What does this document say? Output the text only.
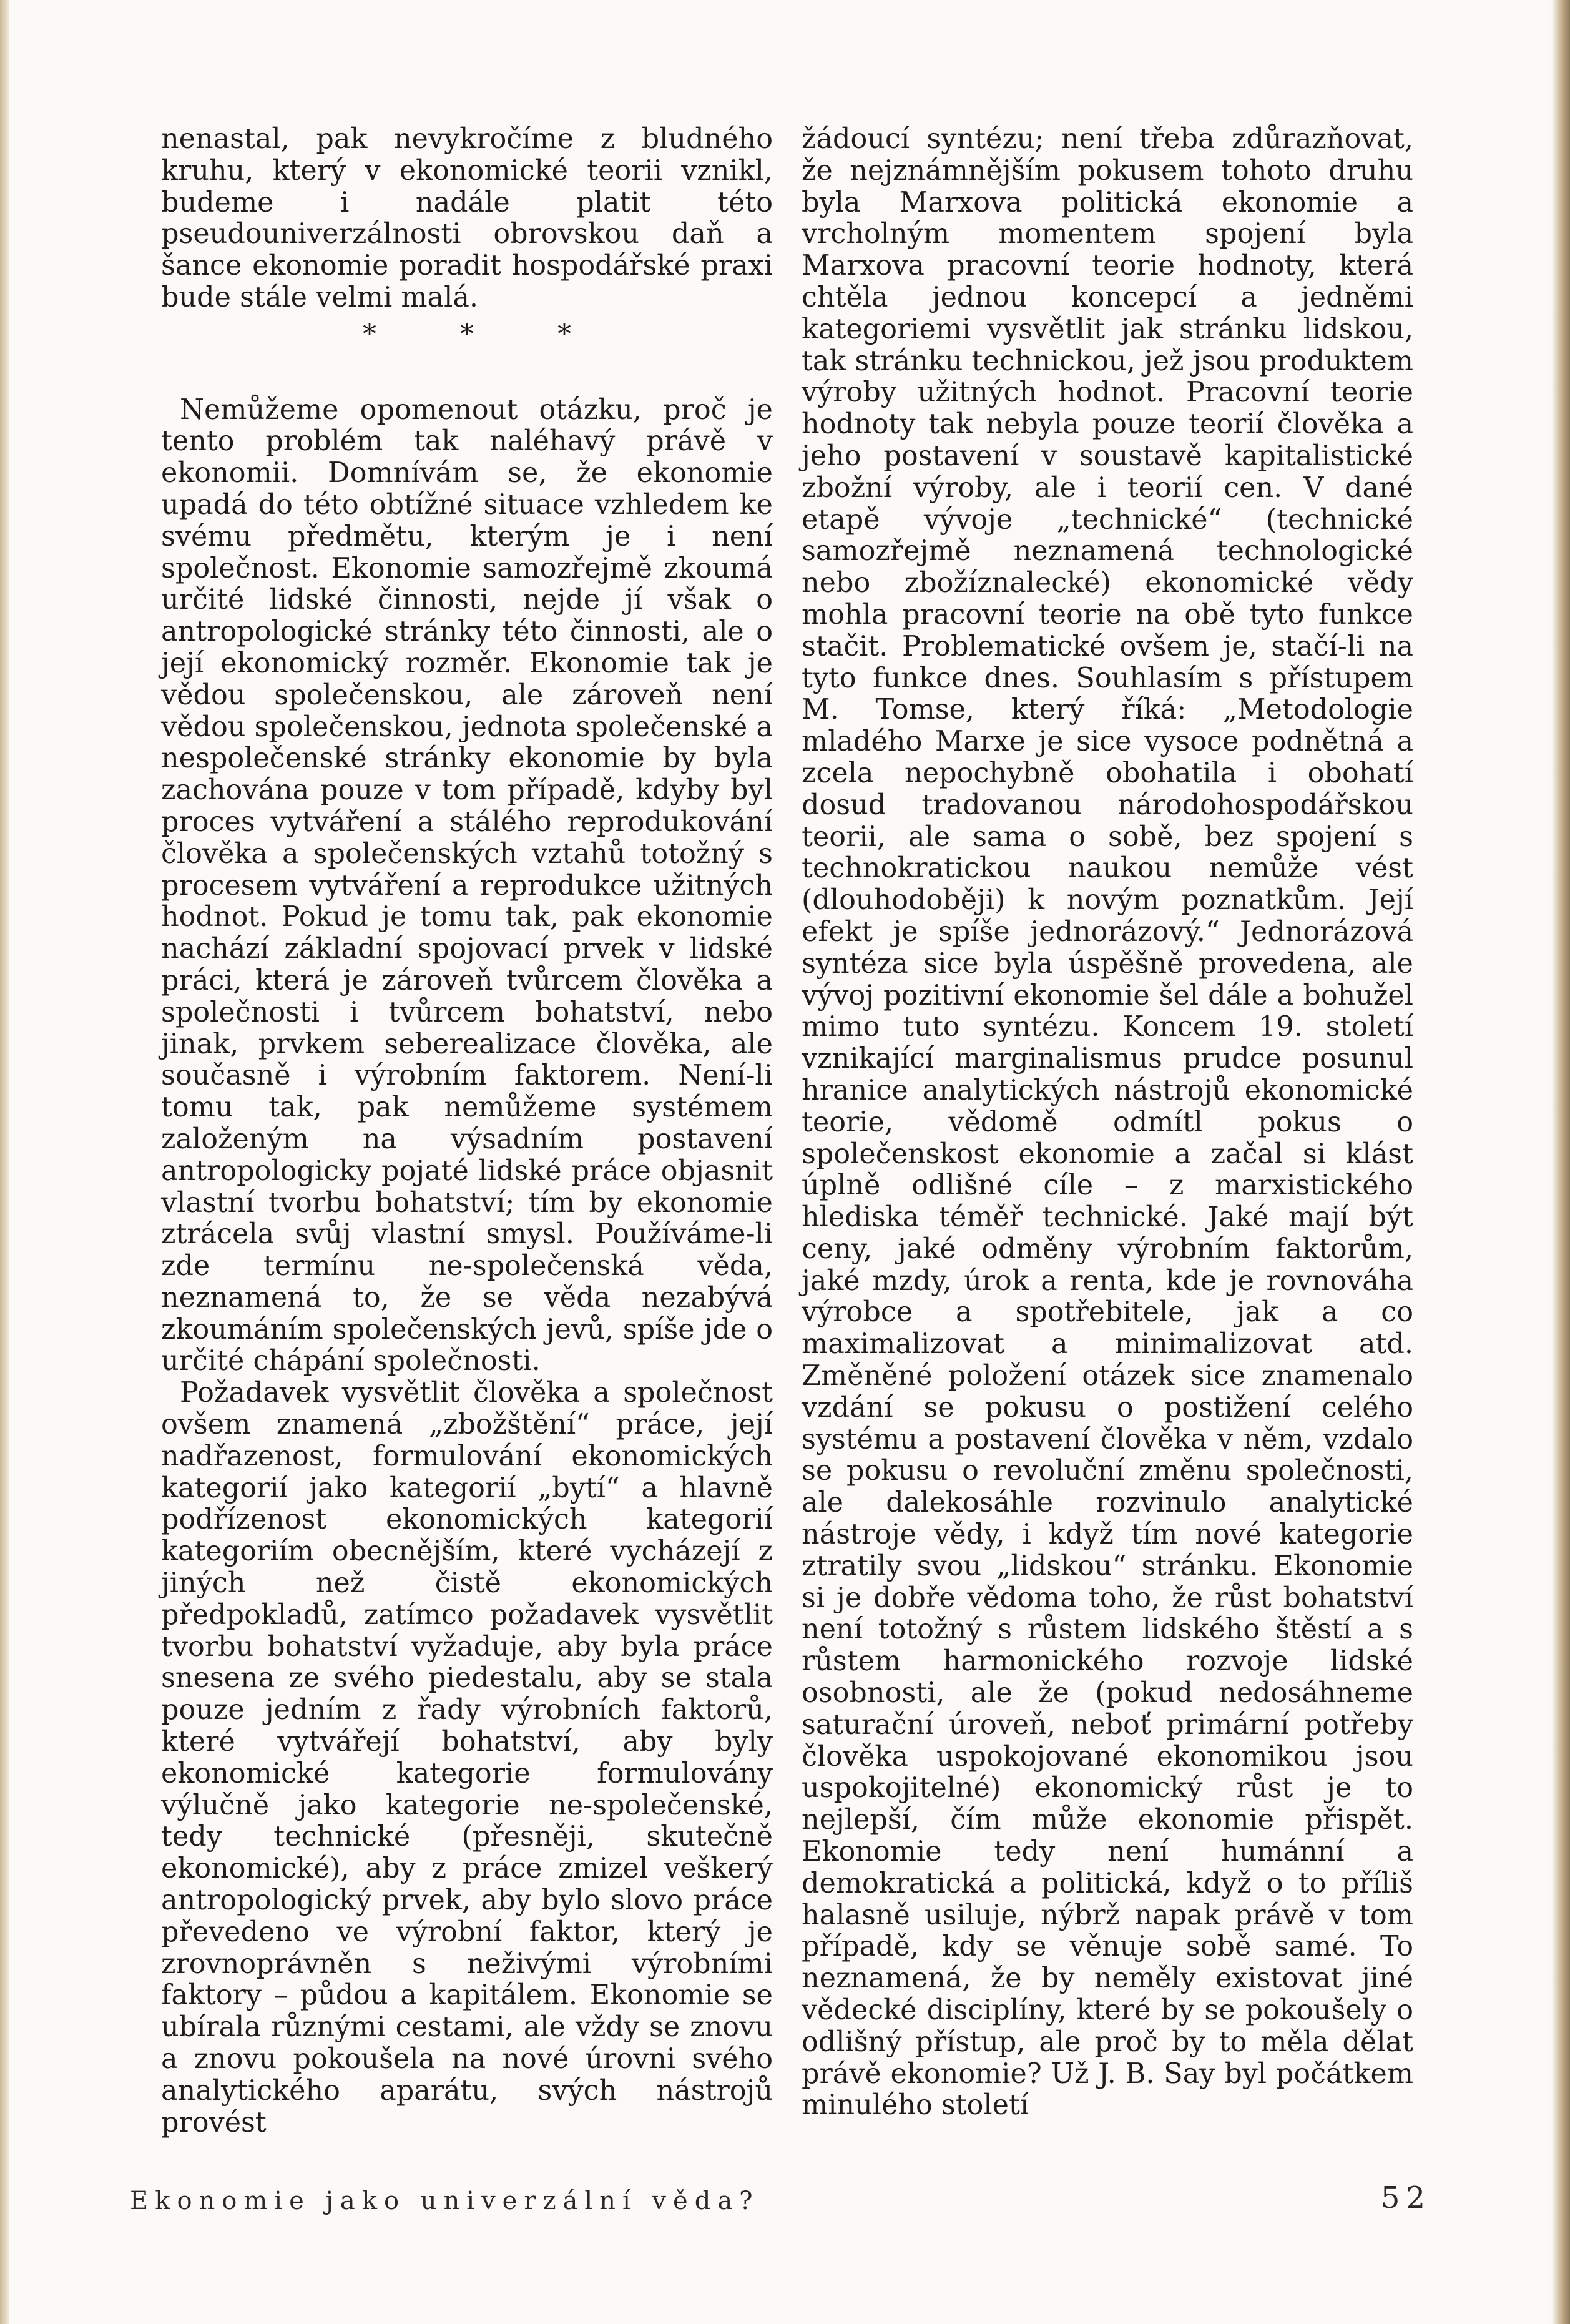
nenastal, pak nevykročíme z bludného kruhu, který v ekonomické teorii vznikl, budeme i nadále platit této pseudouniverzálnosti obrovskou daň a šance ekonomie poradit hospodářské praxi bude stále velmi malá.

* * *

Nemůžeme opomenout otázku, proč je tento problém tak naléhavý právě v ekonomii. Domnívám se, že ekonomie upadá do této obtížné situace vzhledem ke svému předmětu, kterým je i není společnost. Ekonomie samozřejmě zkoumá určité lidské činnosti, nejde jí však o antropologické stránky této činnosti, ale o její ekonomický rozměr. Ekonomie tak je vědou společenskou, ale zároveň není vědou společenskou, jednota společenské a nespolečenské stránky ekonomie by byla zachována pouze v tom případě, kdyby byl proces vytváření a stálého reprodukování člověka a společenských vztahů totožný s procesem vytváření a reprodukce užitných hodnot. Pokud je tomu tak, pak ekonomie nachází základní spojovací prvek v lidské práci, která je zároveň tvůrcem člověka a společnosti i tvůrcem bohatství, nebo jinak, prvkem seberealizace člověka, ale současně i výrobním faktorem. Není-li tomu tak, pak nemůžeme systémem založeným na výsadním postavení antropologicky pojaté lidské práce objasnit vlastní tvorbu bohatství; tím by ekonomie ztrácela svůj vlastní smysl. Používáme-li zde termínu ne-společenská věda, neznamená to, že se věda nezabývá zkoumáním společenských jevů, spíše jde o určité chápání společnosti.

Požadavek vysvětlit člověka a společnost ovšem znamená „zbožštění“ práce, její nadřazenost, formulování ekonomických kategorií jako kategorií „bytí“ a hlavně podřízenost ekonomických kategorií kategoriím obecnějším, které vycházejí z jiných než čistě ekonomických předpokladů, zatímco požadavek vysvětlit tvorbu bohatství vyžaduje, aby byla práce snesena ze svého piedestalu, aby se stala pouze jedním z řady výrobních faktorů, které vytvářejí bohatství, aby byly ekonomické kategorie formulovány výlučně jako kategorie ne-společenské, tedy technické (přesněji, skutečně ekonomické), aby z práce zmizel veškerý antropologický prvek, aby bylo slovo práce převedeno ve výrobní faktor, který je zrovnoprávněn s neživými výrobními faktory – půdou a kapitálem. Ekonomie se ubírala různými cestami, ale vždy se znovu a znovu pokoušela na nové úrovni svého analytického aparátu, svých nástrojů provést

žádoucí syntézu; není třeba zdůrazňovat, že nejznámnějším pokusem tohoto druhu byla Marxova politická ekonomie a vrcholným momentem spojení byla Marxova pracovní teorie hodnoty, která chtěla jednou koncepcí a jedněmi kategoriemi vysvětlit jak stránku lidskou, tak stránku technickou, jež jsou produktem výroby užitných hodnot. Pracovní teorie hodnoty tak nebyla pouze teorií člověka a jeho postavení v soustavě kapitalistické zbožní výroby, ale i teorií cen. V dané etapě vývoje „technické“ (technické samozřejmě neznamená technologické nebo zbožíznalecké) ekonomické vědy mohla pracovní teorie na obě tyto funkce stačit. Problematické ovšem je, stačí-li na tyto funkce dnes. Souhlasím s přístupem M. Tomse, který říká: „Metodologie mladého Marxe je sice vysoce podnětná a zcela nepochybně obohatila i obohatí dosud tradovanou národohospodářskou teorii, ale sama o sobě, bez spojení s technokratickou naukou nemůže vést (dlouhodoběji) k novým poznatkům. Její efekt je spíše jednorázový.“ Jednorázová syntéza sice byla úspěšně provedena, ale vývoj pozitivní ekonomie šel dále a bohužel mimo tuto syntézu. Koncem 19. století vznikající marginalismus prudce posunul hranice analytických nástrojů ekonomické teorie, vědomě odmítl pokus o společenskost ekonomie a začal si klást úplně odlišné cíle – z marxistického hlediska téměř technické. Jaké mají být ceny, jaké odměny výrobním faktorům, jaké mzdy, úrok a renta, kde je rovnováha výrobce a spotřebitele, jak a co maximalizovat a minimalizovat atd. Změněné položení otázek sice znamenalo vzdání se pokusu o postižení celého systému a postavení člověka v něm, vzdalo se pokusu o revoluční změnu společnosti, ale dalekosáhle rozvinulo analytické nástroje vědy, i když tím nové kategorie ztratily svou „lidskou“ stránku. Ekonomie si je dobře vědoma toho, že růst bohatství není totožný s růstem lidského štěstí a s růstem harmonického rozvoje lidské osobnosti, ale že (pokud nedosáhneme saturační úroveň, neboť primární potřeby člověka uspokojované ekonomikou jsou uspokojitelné) ekonomický růst je to nejlepší, čím může ekonomie přispět. Ekonomie tedy není humánní a demokratická a politická, když o to příliš halasně usiluje, nýbrž napak právě v tom případě, kdy se věnuje sobě samé. To neznamená, že by neměly existovat jiné vědecké disciplíny, které by se pokoušely o odlišný přístup, ale proč by to měla dělat právě ekonomie? Už J. B. Say byl počátkem minulého století

Ekonomie jako univerzální věda?	52
